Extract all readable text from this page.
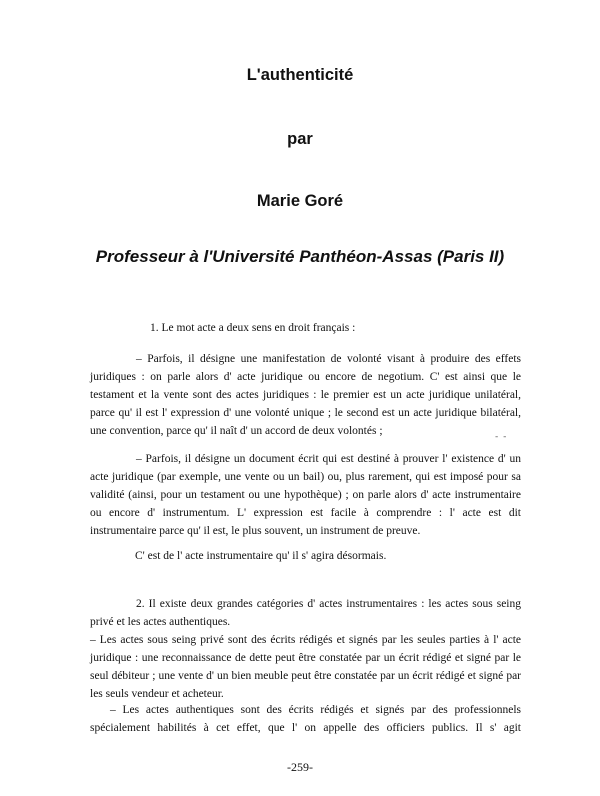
L'authenticité
par
Marie Goré
Professeur à l'Université Panthéon-Assas (Paris II)

1. Le mot acte a deux sens en droit français :

– Parfois, il désigne une manifestation de volonté visant à produire des effets juridiques : on parle alors d' acte juridique ou encore de negotium. C' est ainsi que le testament et la vente sont des actes juridiques : le premier est un acte juridique unilatéral, parce qu' il est l' expression d' une volonté unique ; le second est un acte juridique bilatéral, une convention, parce qu' il naît d' un accord de deux volontés ;	- -

– Parfois, il désigne un document écrit qui est destiné à prouver l' existence d' un acte juridique (par exemple, une vente ou un bail) ou, plus rarement, qui est imposé pour sa validité (ainsi, pour un testament ou une hypothèque) ; on parle alors d' acte instrumentaire ou encore d' instrumentum. L' expression est facile à comprendre : l' acte est dit instrumentaire parce qu' il est, le plus souvent, un instrument de preuve.

C' est de l' acte instrumentaire qu' il s' agira désormais.

2. Il existe deux grandes catégories d' actes instrumentaires : les actes sous seing privé et les actes authentiques.

– Les actes sous seing privé sont des écrits rédigés et signés par les seules parties à l' acte juridique : une reconnaissance de dette peut être constatée par un écrit rédigé et signé par le seul débiteur ; une vente d' un bien meuble peut être constatée par un écrit rédigé et signé par les seuls vendeur et acheteur.

– Les actes authentiques sont des écrits rédigés et signés par des professionnels
spécialement habilités à cet effet, que l' on appelle des officiers publics. Il s' agit

-259-
